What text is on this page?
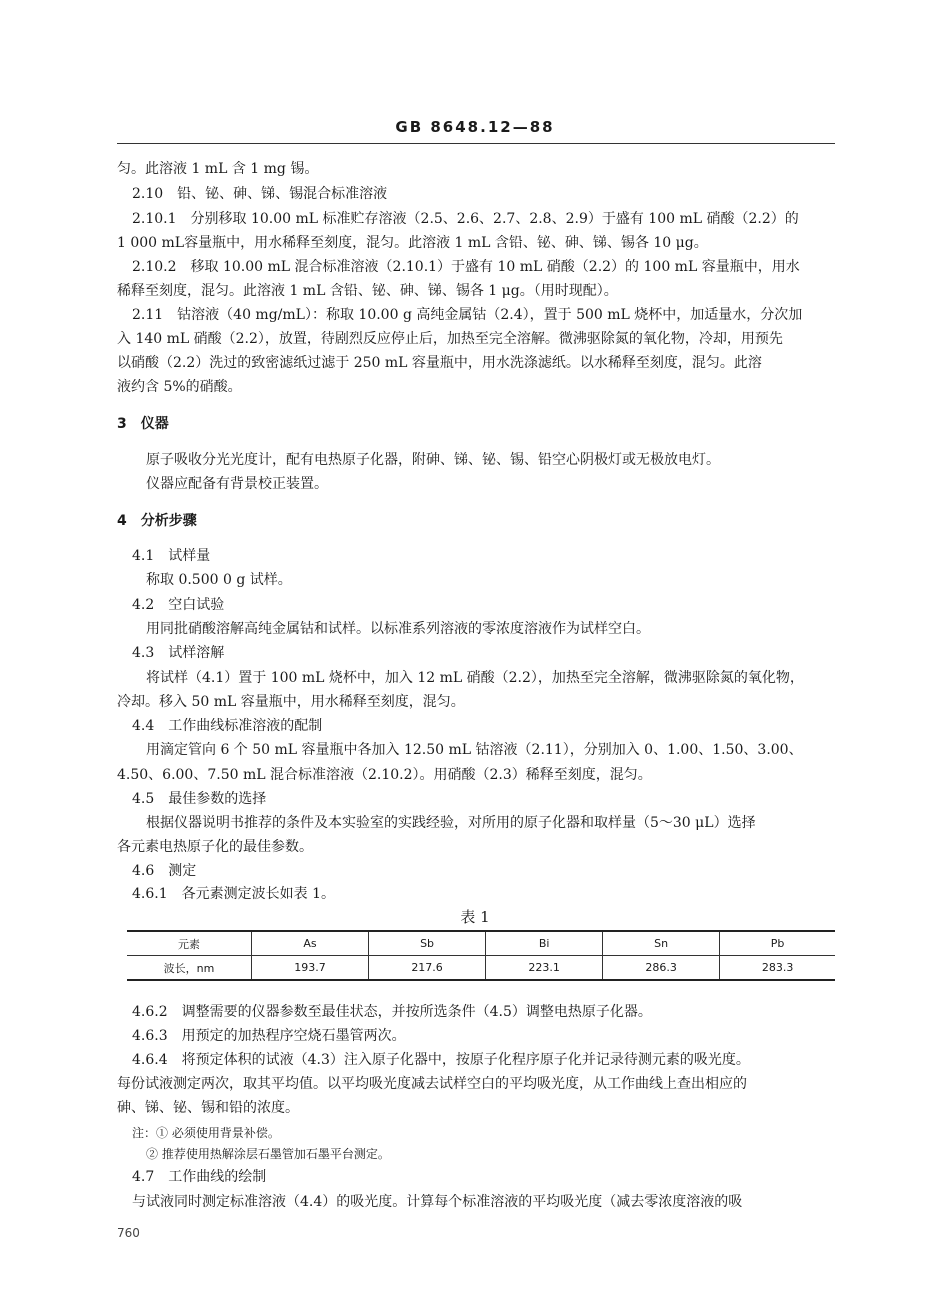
GB 8648.12—88
匀。此溶液 1 mL 含 1 mg 锡。
2.10　铅、铋、砷、锑、锡混合标准溶液
2.10.1　分别移取 10.00 mL 标准贮存溶液（2.5、2.6、2.7、2.8、2.9）于盛有 100 mL 硝酸（2.2）的
1 000 mL容量瓶中，用水稀释至刻度，混匀。此溶液 1 mL 含铅、铋、砷、锑、锡各 10 μg。
2.10.2　移取 10.00 mL 混合标准溶液（2.10.1）于盛有 10 mL 硝酸（2.2）的 100 mL 容量瓶中，用水
稀释至刻度，混匀。此溶液 1 mL 含铅、铋、砷、锑、锡各 1 μg。（用时现配）。
2.11　钴溶液（40 mg/mL）：称取 10.00 g 高纯金属钴（2.4），置于 500 mL 烧杯中，加适量水，分次加
入 140 mL 硝酸（2.2），放置，待剧烈反应停止后，加热至完全溶解。微沸驱除氮的氧化物，冷却，用预先
以硝酸（2.2）洗过的致密滤纸过滤于 250 mL 容量瓶中，用水洗涤滤纸。以水稀释至刻度，混匀。此溶
液约含 5%的硝酸。
3　仪器
原子吸收分光光度计，配有电热原子化器，附砷、锑、铋、锡、铅空心阴极灯或无极放电灯。
仪器应配备有背景校正装置。
4　分析步骤
4.1　试样量
称取 0.500 0 g 试样。
4.2　空白试验
用同批硝酸溶解高纯金属钴和试样。以标准系列溶液的零浓度溶液作为试样空白。
4.3　试样溶解
将试样（4.1）置于 100 mL 烧杯中，加入 12 mL 硝酸（2.2），加热至完全溶解，微沸驱除氮的氧化物，
冷却。移入 50 mL 容量瓶中，用水稀释至刻度，混匀。
4.4　工作曲线标准溶液的配制
用滴定管向 6 个 50 mL 容量瓶中各加入 12.50 mL 钴溶液（2.11），分别加入 0、1.00、1.50、3.00、
4.50、6.00、7.50 mL 混合标准溶液（2.10.2）。用硝酸（2.3）稀释至刻度，混匀。
4.5　最佳参数的选择
根据仪器说明书推荐的条件及本实验室的实践经验，对所用的原子化器和取样量（5～30 μL）选择
各元素电热原子化的最佳参数。
4.6　测定
4.6.1　各元素测定波长如表 1。
表 1
元素	As	Sb	Bi	Sn	Pb
波长，nm	193.7	217.6	223.1	286.3	283.3
4.6.2　调整需要的仪器参数至最佳状态，并按所选条件（4.5）调整电热原子化器。
4.6.3　用预定的加热程序空烧石墨管两次。
4.6.4　将预定体积的试液（4.3）注入原子化器中，按原子化程序原子化并记录待测元素的吸光度。
每份试液测定两次，取其平均值。以平均吸光度减去试样空白的平均吸光度，从工作曲线上查出相应的
砷、锑、铋、锡和铅的浓度。
注：① 必须使用背景补偿。
② 推荐使用热解涂层石墨管加石墨平台测定。
4.7　工作曲线的绘制
与试液同时测定标准溶液（4.4）的吸光度。计算每个标准溶液的平均吸光度（减去零浓度溶液的吸
760
